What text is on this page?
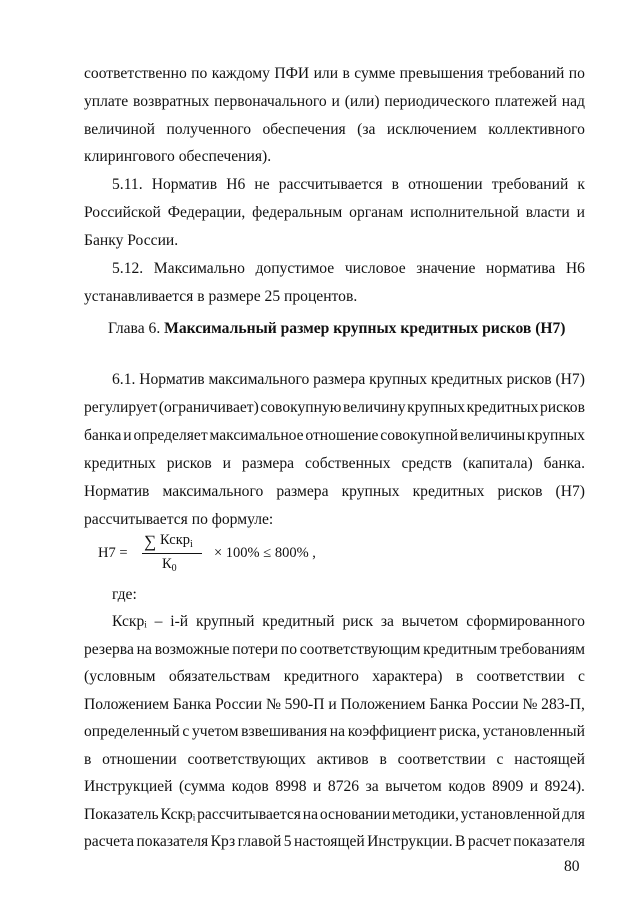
соответственно по каждому ПФИ или в сумме превышения требований по
уплате возвратных первоначального и (или) периодического платежей над
величиной полученного обеспечения (за исключением коллективного
клирингового обеспечения).
5.11. Норматив Н6 не рассчитывается в отношении требований к
Российской Федерации, федеральным органам исполнительной власти и
Банку России.
5.12. Максимально допустимое числовое значение норматива Н6
устанавливается в размере 25 процентов.
Глава 6. Максимальный размер крупных кредитных рисков (Н7)
6.1. Норматив максимального размера крупных кредитных рисков (Н7)
регулирует (ограничивает) совокупную величину крупных кредитных рисков
банка и определяет максимальное отношение совокупной величины крупных
кредитных рисков и размера собственных средств (капитала) банка.
Норматив максимального размера крупных кредитных рисков (Н7)
рассчитывается по формуле:
Н7 =
∑ Кскр$_i$
$К_0$
× 100% ≤ 800% ,
где:
Кскрᵢ – i-й крупный кредитный риск за вычетом сформированного
резерва на возможные потери по соответствующим кредитным требованиям
(условным обязательствам кредитного характера) в соответствии с
Положением Банка России № 590-П и Положением Банка России № 283-П,
определенный с учетом взвешивания на коэффициент риска, установленный
в отношении соответствующих активов в соответствии с настоящей
Инструкцией (сумма кодов 8998 и 8726 за вычетом кодов 8909 и 8924).
Показатель Кскрᵢ рассчитывается на основании методики, установленной для
расчета показателя Крз главой 5 настоящей Инструкции. В расчет показателя
80
